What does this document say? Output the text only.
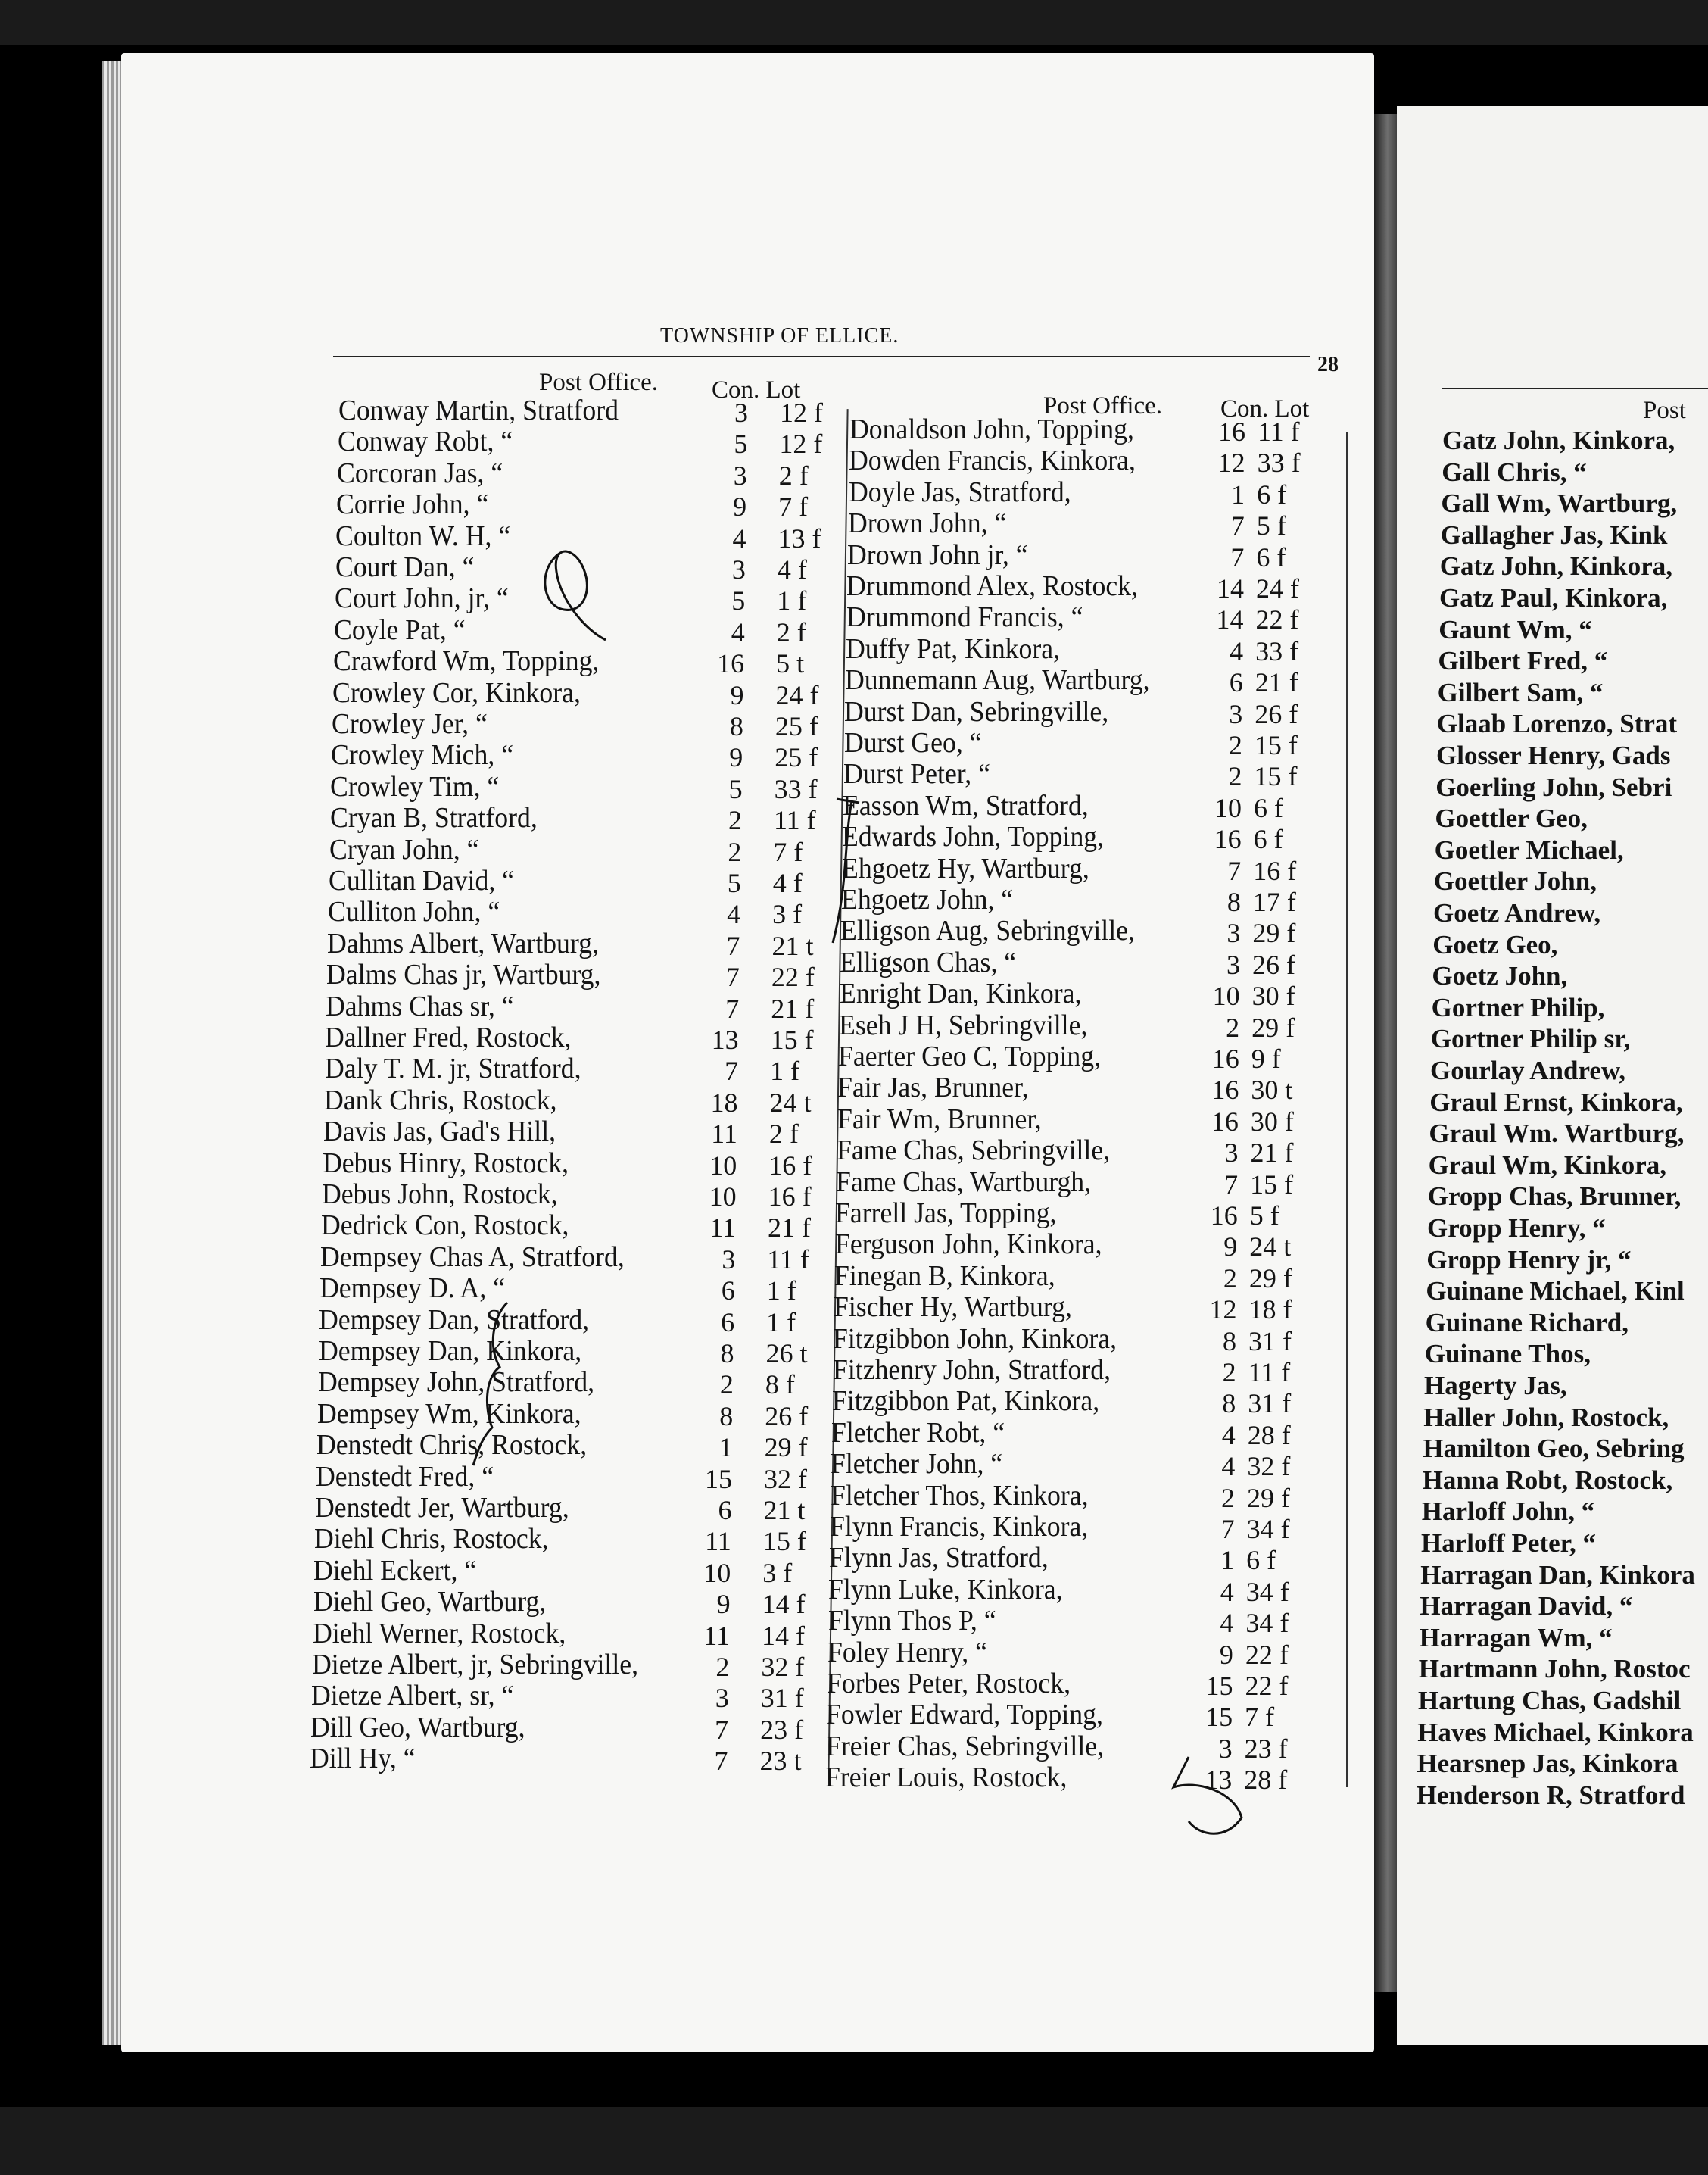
TOWNSHIP OF ELLICE.
28
Post Office. Con. Lot
Post Office. Con. Lot	Post
Conway Martin, Stratford	3 12 f
Conway Robt, “	5 12 f
Corcoran Jas, “	3 2 f
Corrie John, “	9 7 f
Coulton W. H, “	4 13 f
Court Dan, “	3 4 f
Court John, jr, “	5 1 f
Coyle Pat, “	4 2 f
Crawford Wm, Topping,	16 5 t
Crowley Cor, Kinkora,	9 24 f
Crowley Jer, “	8 25 f
Crowley Mich, “	9 25 f
Crowley Tim, “	5 33 f
Cryan B, Stratford,	2 11 f
Cryan John, “	2 7 f
Cullitan David, “	5 4 f
Culliton John, “	4 3 f
Dahms Albert, Wartburg,	7 21 t
Dalms Chas jr, Wartburg,	7 22 f
Dahms Chas sr, “	7 21 f
Dallner Fred, Rostock,	13 15 f
Daly T. M. jr, Stratford,	7 1 f
Dank Chris, Rostock,	18 24 t
Davis Jas, Gad's Hill,	11 2 f
Debus Hinry, Rostock,	10 16 f
Debus John, Rostock,	10 16 f
Dedrick Con, Rostock,	11 21 f
Dempsey Chas A, Stratford,	3 11 f
Dempsey D. A, “	6 1 f
Dempsey Dan, Stratford,	6 1 f
Dempsey Dan, Kinkora,	8 26 t
Dempsey John, Stratford,	2 8 f
Dempsey Wm, Kinkora,	8 26 f
Denstedt Chris, Rostock,	1 29 f
Denstedt Fred, “	15 32 f
Denstedt Jer, Wartburg,	6 21 t
Diehl Chris, Rostock,	11 15 f
Diehl Eckert, “	10 3 f
Diehl Geo, Wartburg,	9 14 f
Diehl Werner, Rostock,	11 14 f
Dietze Albert, jr, Sebringville,	2 32 f
Dietze Albert, sr, “	3 31 f
Dill Geo, Wartburg,	7 23 f
Dill Hy, “	7 23 t
Donaldson John, Topping,	16 11 f
Dowden Francis, Kinkora,	12 33 f
Doyle Jas, Stratford,	1 6 f
Drown John, “	7 5 f
Drown John jr, “	7 6 f
Drummond Alex, Rostock,	14 24 f
Drummond Francis, “	14 22 f
Duffy Pat, Kinkora,	4 33 f
Dunnemann Aug, Wartburg,	6 21 f
Durst Dan, Sebringville,	3 26 f
Durst Geo, “	2 15 f
Durst Peter, “	2 15 f
Easson Wm, Stratford,	10 6 f
Edwards John, Topping,	16 6 f
Ehgoetz Hy, Wartburg,	7 16 f
Ehgoetz John, “	8 17 f
Elligson Aug, Sebringville,	3 29 f
Elligson Chas, “	3 26 f
Enright Dan, Kinkora,	10 30 f
Eseh J H, Sebringville,	2 29 f
Faerter Geo C, Topping,	16 9 f
Fair Jas, Brunner,	16 30 t
Fair Wm, Brunner,	16 30 f
Fame Chas, Sebringville,	3 21 f
Fame Chas, Wartburgh,	7 15 f
Farrell Jas, Topping,	16 5 f
Ferguson John, Kinkora,	9 24 t
Finegan B, Kinkora,	2 29 f
Fischer Hy, Wartburg,	12 18 f
Fitzgibbon John, Kinkora,	8 31 f
Fitzhenry John, Stratford,	2 11 f
Fitzgibbon Pat, Kinkora,	8 31 f
Fletcher Robt, “	4 28 f
Fletcher John, “	4 32 f
Fletcher Thos, Kinkora,	2 29 f
Flynn Francis, Kinkora,	7 34 f
Flynn Jas, Stratford,	1 6 f
Flynn Luke, Kinkora,	4 34 f
Flynn Thos P, “	4 34 f
Foley Henry, “	9 22 f
Forbes Peter, Rostock,	15 22 f
Fowler Edward, Topping,	15 7 f
Freier Chas, Sebringville,	3 23 f
Freier Louis, Rostock,	13 28 f
Gatz John, Kinkora,
Gall Chris, “
Gall Wm, Wartburg,
Gallagher Jas, Kink
Gatz John, Kinkora,
Gatz Paul, Kinkora,
Gaunt Wm, “
Gilbert Fred, “
Gilbert Sam, “
Glaab Lorenzo, Strat
Glosser Henry, Gads
Goerling John, Sebri
Goettler Geo,
Goetler Michael,
Goettler John,
Goetz Andrew,
Goetz Geo,
Goetz John,
Gortner Philip,
Gortner Philip sr,
Gourlay Andrew,
Graul Ernst, Kinkora,
Graul Wm. Wartburg,
Graul Wm, Kinkora,
Gropp Chas, Brunner,
Gropp Henry, “
Gropp Henry jr, “
Guinane Michael, Kinl
Guinane Richard,
Guinane Thos,
Hagerty Jas,
Haller John, Rostock,
Hamilton Geo, Sebring
Hanna Robt, Rostock,
Harloff John, “
Harloff Peter, “
Harragan Dan, Kinkora
Harragan David, “
Harragan Wm, “
Hartmann John, Rostoc
Hartung Chas, Gadshil
Haves Michael, Kinkora
Hearsnep Jas, Kinkora
Henderson R, Stratford
